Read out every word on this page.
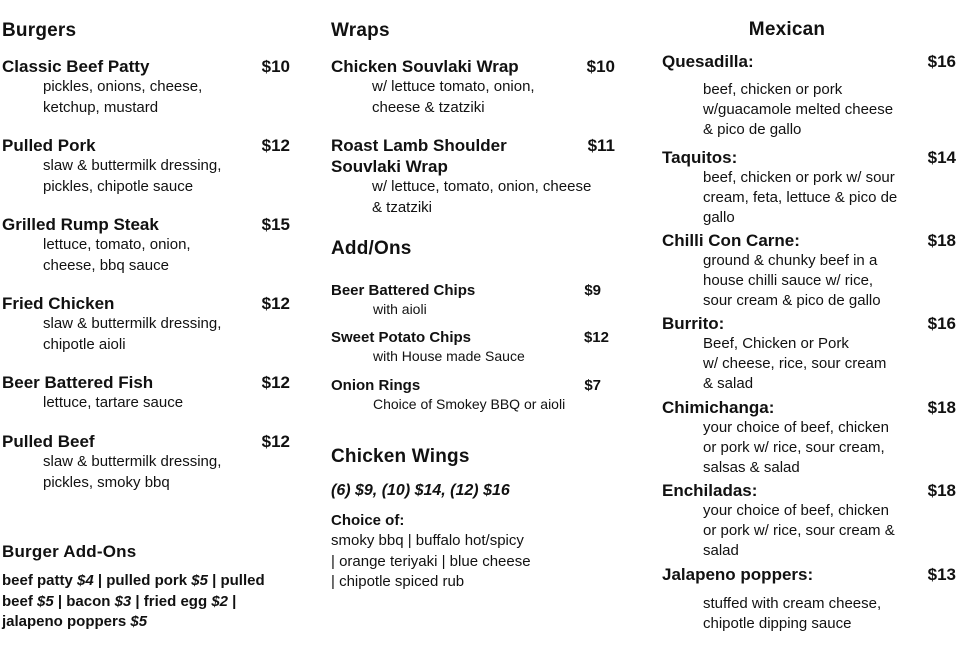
Burgers
Classic Beef Patty	$10
pickles, onions, cheese,
ketchup, mustard
Pulled Pork	$12
slaw & buttermilk dressing,
pickles, chipotle sauce
Grilled Rump Steak	$15
lettuce, tomato, onion,
cheese, bbq sauce
Fried Chicken	$12
slaw & buttermilk dressing,
chipotle aioli
Beer Battered Fish	$12
lettuce, tartare sauce
Pulled Beef	$12
slaw & buttermilk dressing,
pickles, smoky bbq
Burger Add-Ons
beef patty $4 | pulled pork $5 | pulled
beef $5 | bacon $3 | fried egg $2 |
jalapeno poppers $5
Wraps
Chicken Souvlaki Wrap	$10
w/ lettuce tomato, onion,
cheese & tzatziki
Roast Lamb Shoulder	$11
Souvlaki Wrap
w/ lettuce, tomato, onion, cheese
& tzatziki
Add/Ons
Beer Battered Chips	$9
with aioli
Sweet Potato Chips	$12
with House made Sauce
Onion Rings	$7
Choice of Smokey BBQ or aioli
Chicken Wings
(6) $9, (10) $14, (12) $16
Choice of:
smoky bbq | buffalo hot/spicy
| orange teriyaki | blue cheese
| chipotle spiced rub
Mexican
Quesadilla:	$16
beef, chicken or pork
w/guacamole melted cheese
& pico de gallo
Taquitos:	$14
beef, chicken or pork w/ sour
cream, feta, lettuce & pico de
gallo
Chilli Con Carne:	$18
ground & chunky beef in a
house chilli sauce w/ rice,
sour cream & pico de gallo
Burrito:	$16
Beef, Chicken or Pork
w/ cheese, rice, sour cream
& salad
Chimichanga:	$18
your choice of beef, chicken
or pork w/ rice, sour cream,
salsas & salad
Enchiladas:	$18
your choice of beef, chicken
or pork w/ rice, sour cream &
salad
Jalapeno poppers:	$13
stuffed with cream cheese,
chipotle dipping sauce
